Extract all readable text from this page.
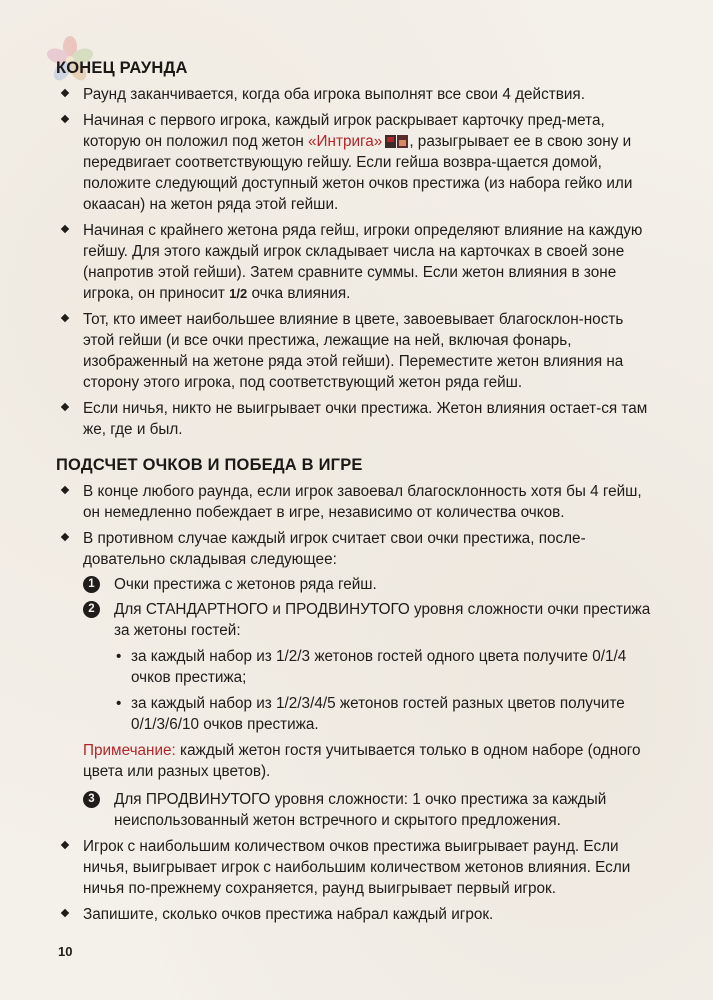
КОНЕЦ РАУНДА
Раунд заканчивается, когда оба игрока выполнят все свои 4 действия.
Начиная с первого игрока, каждый игрок раскрывает карточку пред-мета, которую он положил под жетон «Интрига» , разыгрывает ее в свою зону и передвигает соответствующую гейшу. Если гейша возвра-щается домой, положите следующий доступный жетон очков престижа (из набора гейко или окаасан) на жетон ряда этой гейши.
Начиная с крайнего жетона ряда гейш, игроки определяют влияние на каждую гейшу. Для этого каждый игрок складывает числа на карточках в своей зоне (напротив этой гейши). Затем сравните суммы. Если жетон влияния в зоне игрока, он приносит 1/2 очка влияния.
Тот, кто имеет наибольшее влияние в цвете, завоевывает благосклон-ность этой гейши (и все очки престижа, лежащие на ней, включая фонарь, изображенный на жетоне ряда этой гейши). Переместите жетон влияния на сторону этого игрока, под соответствующий жетон ряда гейш.
Если ничья, никто не выигрывает очки престижа. Жетон влияния остает-ся там же, где и был.
ПОДСЧЕТ ОЧКОВ И ПОБЕДА В ИГРЕ
В конце любого раунда, если игрок завоевал благосклонность хотя бы 4 гейш, он немедленно побеждает в игре, независимо от количества очков.
В противном случае каждый игрок считает свои очки престижа, после-довательно складывая следующее:
1	Очки престижа с жетонов ряда гейш.
2	Для СТАНДАРТНОГО и ПРОДВИНУТОГО уровня сложности очки престижа за жетоны гостей:
• за каждый набор из 1/2/3 жетонов гостей одного цвета получите 0/1/4 очков престижа;
• за каждый набор из 1/2/3/4/5 жетонов гостей разных цветов получите 0/1/3/6/10 очков престижа.
Примечание: каждый жетон гостя учитывается только в одном наборе (одного цвета или разных цветов).
3	Для ПРОДВИНУТОГО уровня сложности: 1 очко престижа за каждый неиспользованный жетон встречного и скрытого предложения.
Игрок с наибольшим количеством очков престижа выигрывает раунд. Если ничья, выигрывает игрок с наибольшим количеством жетонов влияния. Если ничья по-прежнему сохраняется, раунд выигрывает первый игрок.
Запишите, сколько очков престижа набрал каждый игрок.
10
